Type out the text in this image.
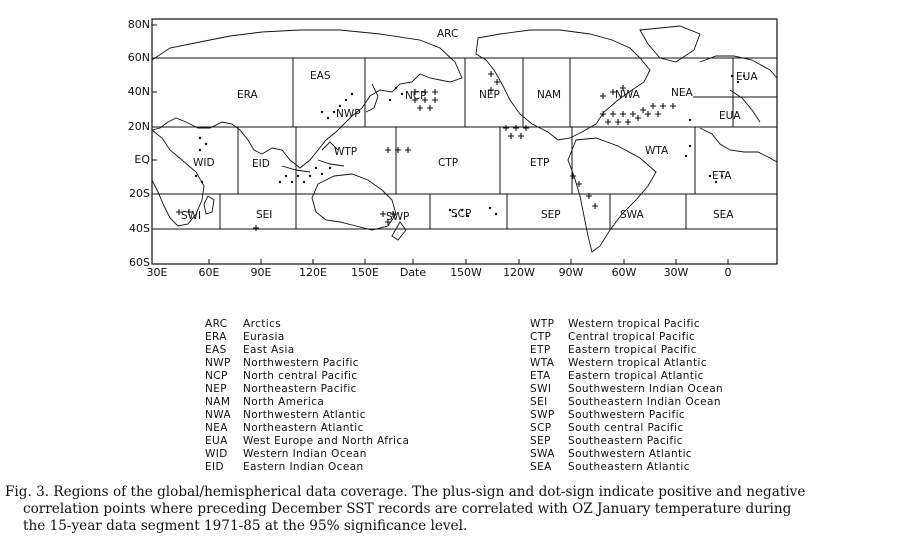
ARC
ERA
EAS
NWP
NCP	NEP	NAM	NWA	NEA
EUA
EUA
WTP
CTP	ETP
WTA
ETA
WID	EID
SWI	SEI	SWP	SCP	SEP	SWA	SEA
80N
60N
40N
20N
EQ
20S
40S
60S
30E	60E	90E	120E	150E	Date	150W	120W	90W	60W	30W	0
ARC Arctics
ERA Eurasia
EAS East Asia
NWP Northwestern Pacific
NCP North central Pacific
NEP Northeastern Pacific
NAM North America
NWA Northwestern Atlantic
NEA Northeastern Atlantic
EUA West Europe and North Africa
WID Western Indian Ocean
EID Eastern Indian Ocean
WTP Western tropical Pacific
CTP Central tropical Pacific
ETP Eastern tropical Pacific
WTA Western tropical Atlantic
ETA Eastern tropical Atlantic
SWI Southwestern Indian Ocean
SEI Southeastern Indian Ocean
SWP Southwestern Pacific
SCP South central Pacific
SEP Southeastern Pacific
SWA Southwestern Atlantic
SEA Southeastern Atlantic
Fig. 3. Regions of the global/hemispherical data coverage. The plus-sign and dot-sign indicate positive and negative
correlation points where preceding December SST records are correlated with OZ January temperature during
the 15-year data segment 1971-85 at the 95% significance level.
